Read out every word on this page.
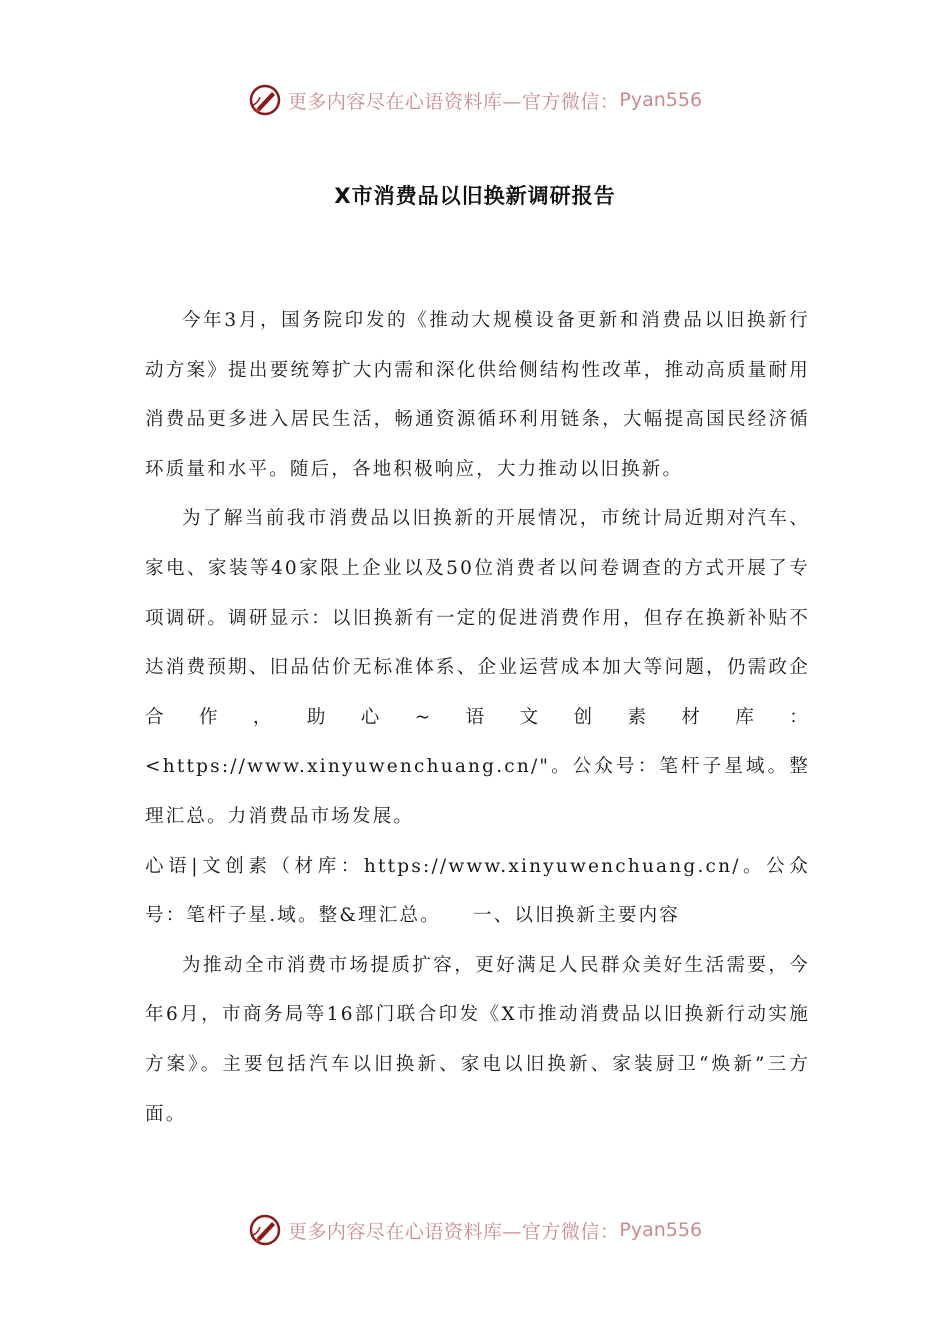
更多内容尽在心语资料库—官方微信： Pyan556
X市消费品以旧换新调研报告

今年3月，国务院印发的《推动大规模设备更新和消费品以旧换新行动方案》提出要统筹扩大内需和深化供给侧结构性改革，推动高质量耐用消费品更多进入居民生活，畅通资源循环利用链条，大幅提高国民经济循环质量和水平。随后，各地积极响应，大力推动以旧换新。

为了解当前我市消费品以旧换新的开展情况，市统计局近期对汽车、家电、家装等40家限上企业以及50位消费者以问卷调查的方式开展了专项调研。调研显示：以旧换新有一定的促进消费作用，但存在换新补贴不达消费预期、旧品估价无标准体系、企业运营成本加大等问题，仍需政企合作，助心~语文创素材库：<https://www.xinyuwenchuang.cn/"。公众号：笔杆子星域。整理汇总。力消费品市场发展。

心语|文创素（材库：https://www.xinyuwenchuang.cn/。公众号：笔杆子星.域。整&理汇总。　　一、以旧换新主要内容

为推动全市消费市场提质扩容，更好满足人民群众美好生活需要，今年6月，市商务局等16部门联合印发《X市推动消费品以旧换新行动实施方案》。主要包括汽车以旧换新、家电以旧换新、家装厨卫“焕新”三方面。

更多内容尽在心语资料库—官方微信： Pyan556
